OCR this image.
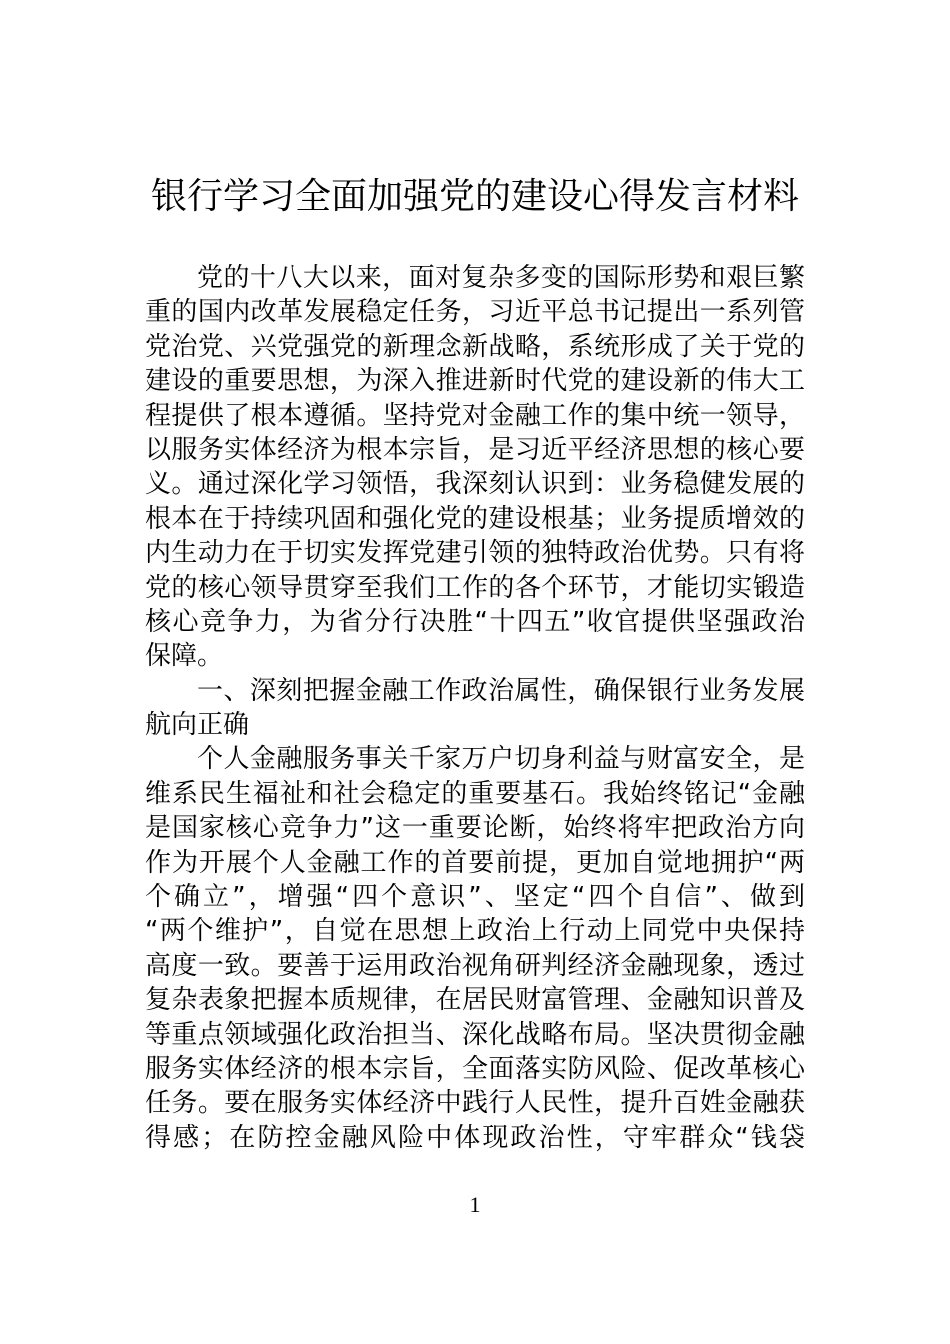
银行学习全面加强党的建设心得发言材料
党的十八大以来，面对复杂多变的国际形势和艰巨繁
重的国内改革发展稳定任务，习近平总书记提出一系列管
党治党、兴党强党的新理念新战略，系统形成了关于党的
建设的重要思想，为深入推进新时代党的建设新的伟大工
程提供了根本遵循。坚持党对金融工作的集中统一领导，
以服务实体经济为根本宗旨，是习近平经济思想的核心要
义。通过深化学习领悟，我深刻认识到：业务稳健发展的
根本在于持续巩固和强化党的建设根基；业务提质增效的
内生动力在于切实发挥党建引领的独特政治优势。只有将
党的核心领导贯穿至我们工作的各个环节，才能切实锻造
核心竞争力，为省分行决胜“十四五”收官提供坚强政治
保障。
一、深刻把握金融工作政治属性，确保银行业务发展
航向正确
个人金融服务事关千家万户切身利益与财富安全，是
维系民生福祉和社会稳定的重要基石。我始终铭记“金融
是国家核心竞争力”这一重要论断，始终将牢把政治方向
作为开展个人金融工作的首要前提，更加自觉地拥护“两
个确立”，增强“四个意识”、坚定“四个自信”、做到
“两个维护”，自觉在思想上政治上行动上同党中央保持
高度一致。要善于运用政治视角研判经济金融现象，透过
复杂表象把握本质规律，在居民财富管理、金融知识普及
等重点领域强化政治担当、深化战略布局。坚决贯彻金融
服务实体经济的根本宗旨，全面落实防风险、促改革核心
任务。要在服务实体经济中践行人民性，提升百姓金融获
得感；在防控金融风险中体现政治性，守牢群众“钱袋
1
